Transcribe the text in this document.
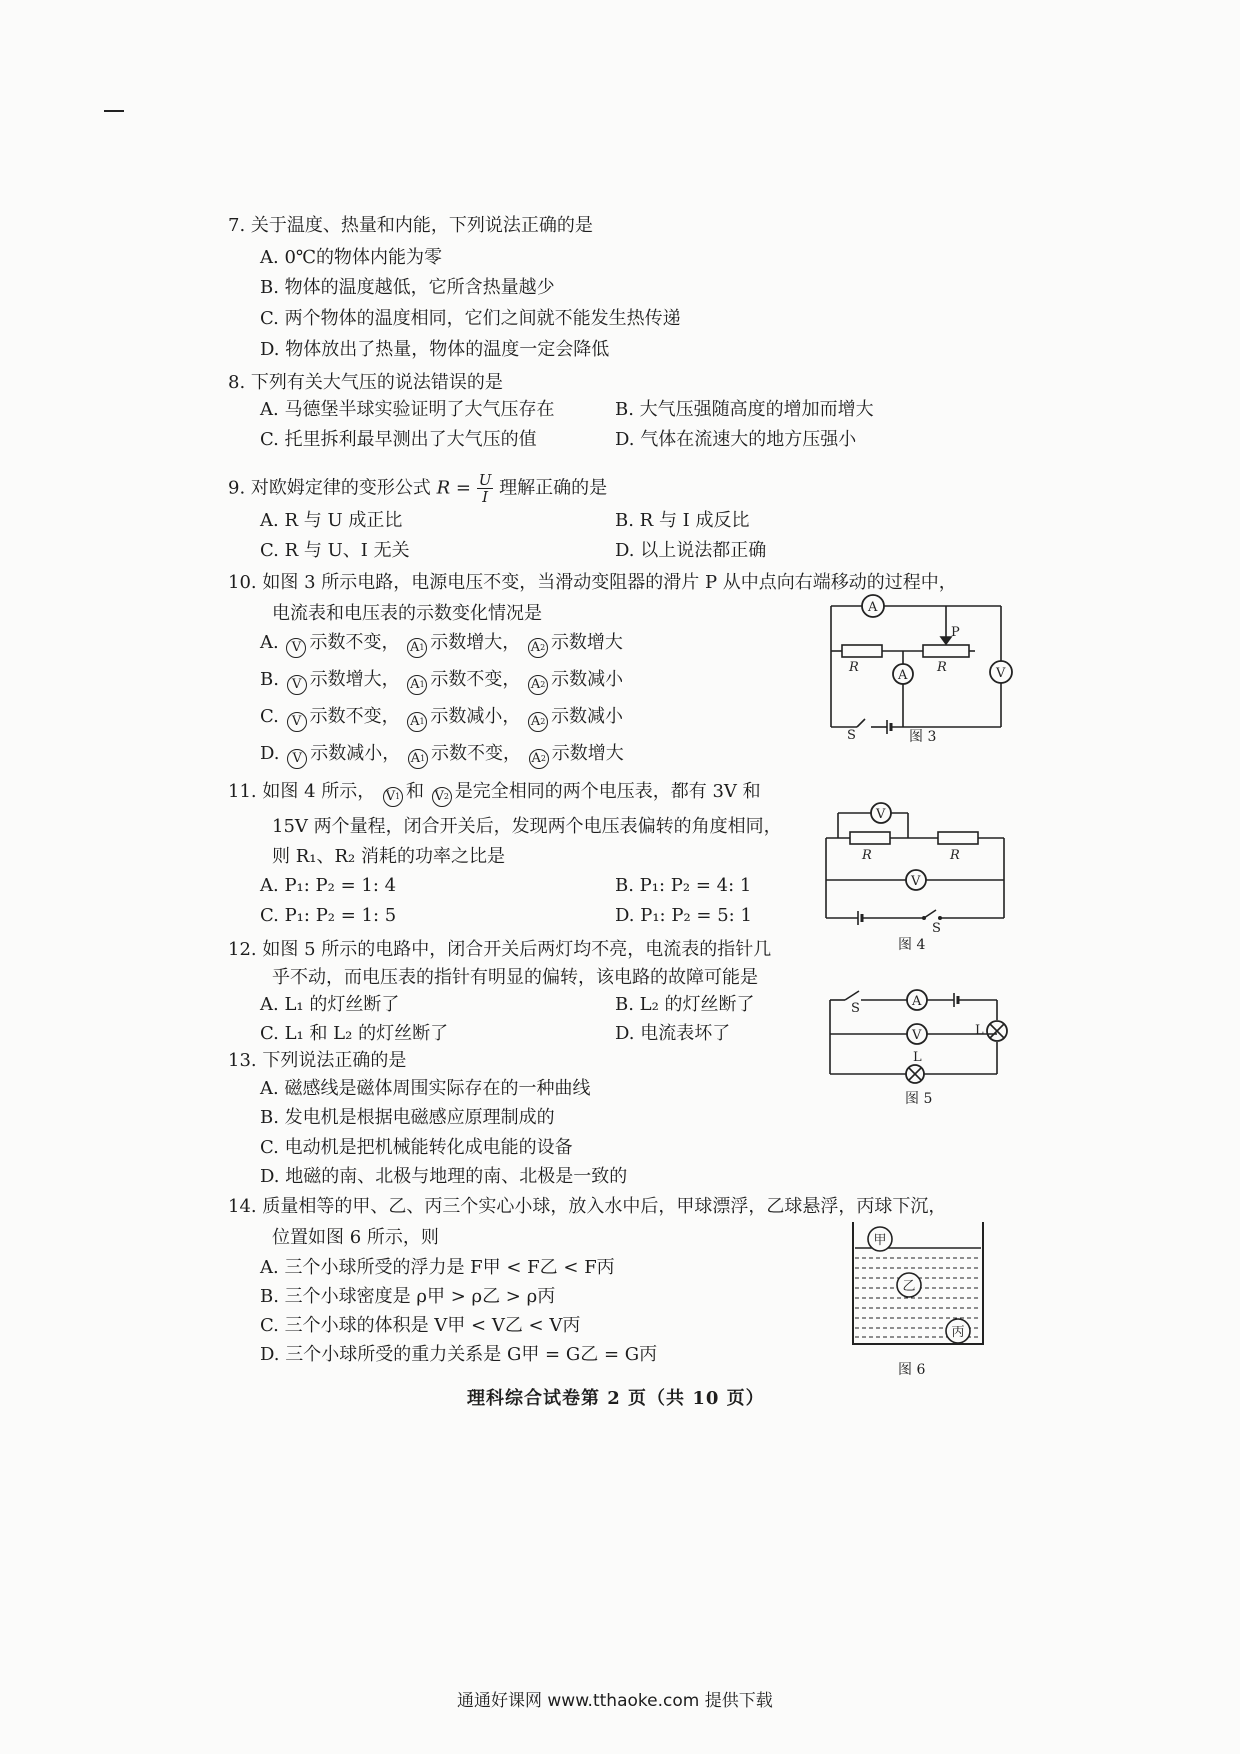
7. 关于温度、热量和内能，下列说法正确的是
A. 0℃的物体内能为零
B. 物体的温度越低，它所含热量越少
C. 两个物体的温度相同，它们之间就不能发生热传递
D. 物体放出了热量，物体的温度一定会降低
8. 下列有关大气压的说法错误的是
A. 马德堡半球实验证明了大气压存在	B. 大气压强随高度的增加而增大
C. 托里拆利最早测出了大气压的值	D. 气体在流速大的地方压强小
9. 对欧姆定律的变形公式 $R = \frac{U}{I}$ 理解正确的是
A. R 与 U 成正比	B. R 与 I 成反比
C. R 与 U、I 无关	D. 以上说法都正确
10. 如图 3 所示电路，电源电压不变，当滑动变阻器的滑片 P 从中点向右端移动的过程中，
电流表和电压表的示数变化情况是
A. V 示数不变， A 1 示数增大， A 2 示数增大
B. V 示数增大， A 1 示数不变， A 2 示数减小
C. V 示数不变， A 1 示数减小， A 2 示数减小
D. V 示数减小， A 1 示数不变， A 2 示数增大
A
A	V
R	R
P
S	图 3
11. 如图 4 所示， V 1 和 V 2 是完全相同的两个电压表，都有 3V 和
15V 两个量程，闭合开关后，发现两个电压表偏转的角度相同，
则 R₁、R₂ 消耗的功率之比是
A. P₁: P₂ = 1: 4	B. P₁: P₂ = 4: 1
C. P₁: P₂ = 1: 5	D. P₁: P₂ = 5: 1
V
V
R	R
S
图 4
12. 如图 5 所示的电路中，闭合开关后两灯均不亮，电流表的指针几
乎不动，而电压表的指针有明显的偏转，该电路的故障可能是
A. L₁ 的灯丝断了	B. L₂ 的灯丝断了
C. L₁ 和 L₂ 的灯丝断了	D. 电流表坏了
S	A
V	L
L
图 5
13. 下列说法正确的是
A. 磁感线是磁体周围实际存在的一种曲线
B. 发电机是根据电磁感应原理制成的
C. 电动机是把机械能转化成电能的设备
D. 地磁的南、北极与地理的南、北极是一致的
14. 质量相等的甲、乙、丙三个实心小球，放入水中后，甲球漂浮，乙球悬浮，丙球下沉，
位置如图 6 所示，则
A. 三个小球所受的浮力是 F甲 < F乙 < F丙
B. 三个小球密度是 ρ甲 > ρ乙 > ρ丙
C. 三个小球的体积是 V甲 < V乙 < V丙
D. 三个小球所受的重力关系是 G甲 = G乙 = G丙
甲
乙
丙
图 6
理科综合试卷第 2 页（共 10 页）
通通好课网 www.tthaoke.com 提供下载
